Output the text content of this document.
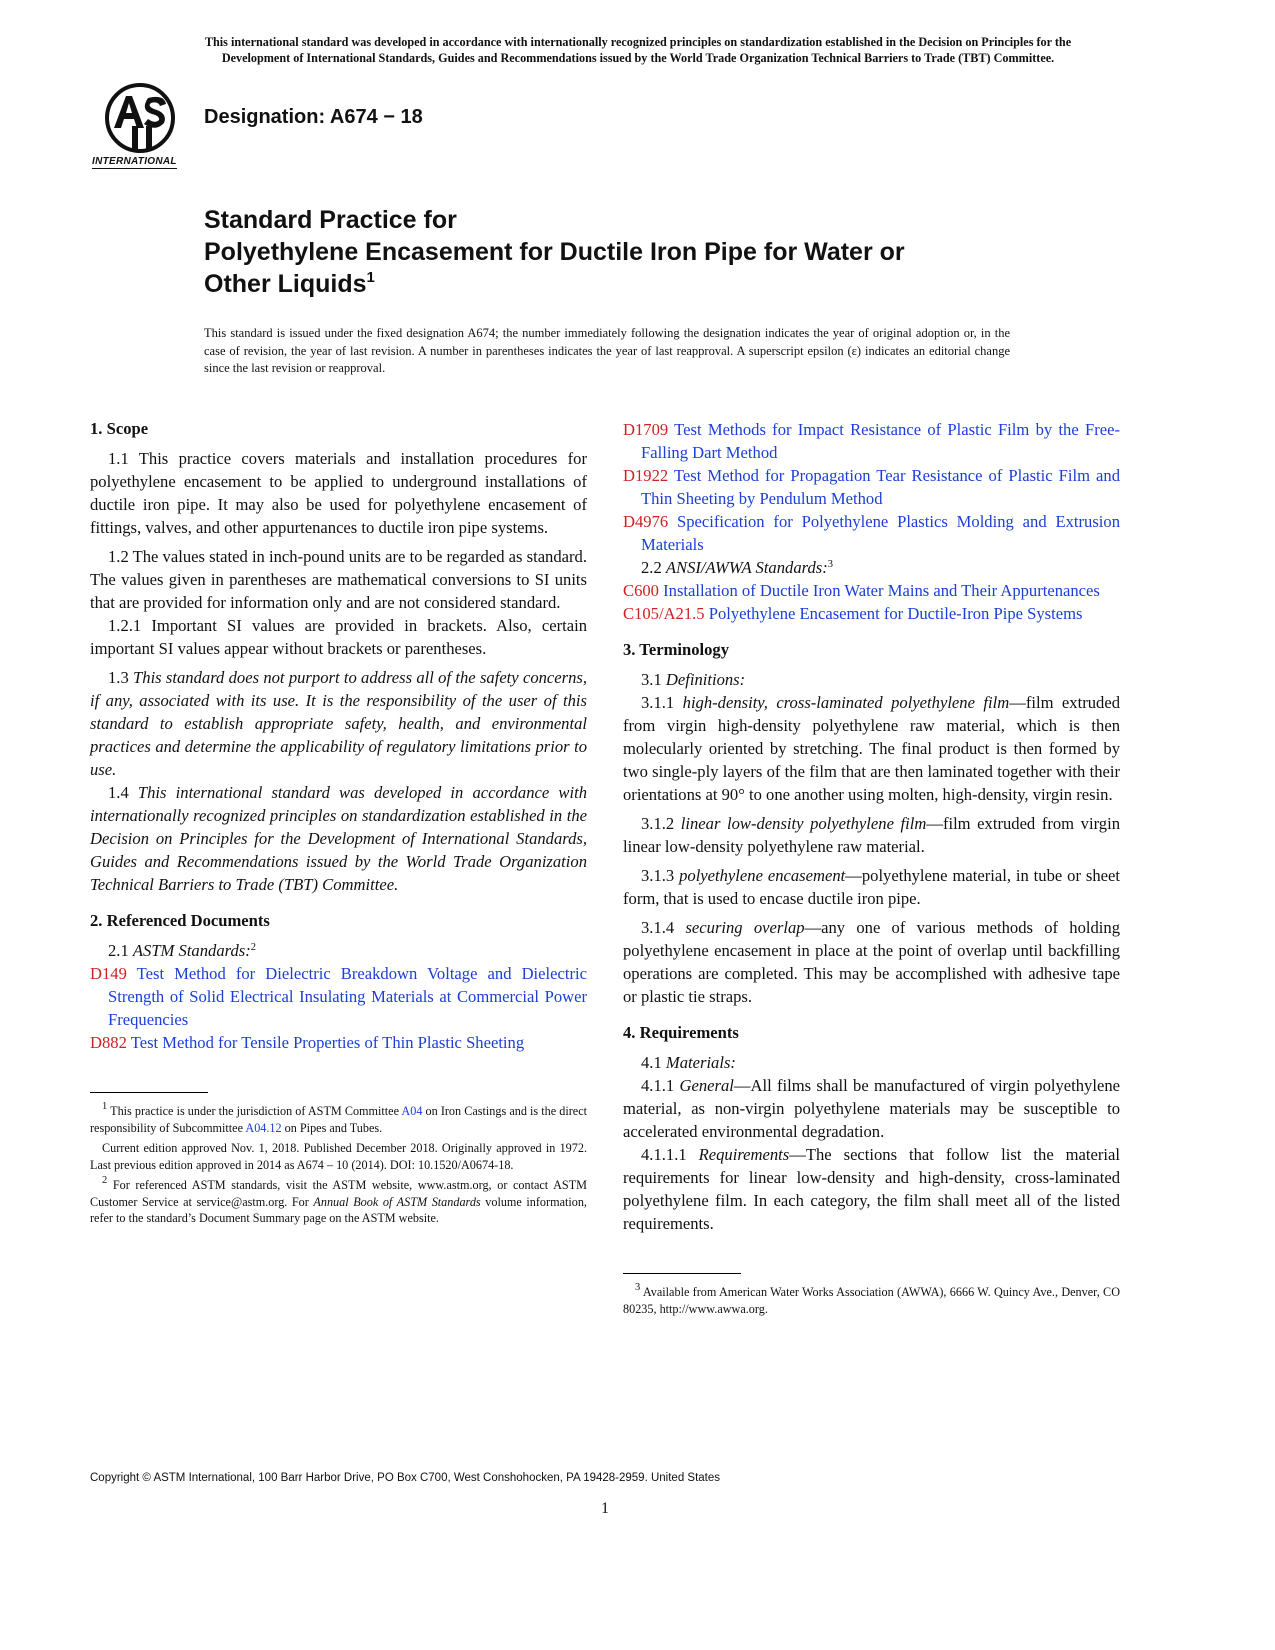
This international standard was developed in accordance with internationally recognized principles on standardization established in the Decision on Principles for the
Development of International Standards, Guides and Recommendations issued by the World Trade Organization Technical Barriers to Trade (TBT) Committee.
INTERNATIONAL
Designation: A674 − 18
Standard Practice for
Polyethylene Encasement for Ductile Iron Pipe for Water or
Other Liquids$^1$
This standard is issued under the fixed designation A674; the number immediately following the designation indicates the year of original adoption or, in the case of revision, the year of last revision. A number in parentheses indicates the year of last reapproval. A superscript epsilon (ε) indicates an editorial change since the last revision or reapproval.
1. Scope

1.1 This practice covers materials and installation procedures for polyethylene encasement to be applied to underground installations of ductile iron pipe. It may also be used for polyethylene encasement of fittings, valves, and other appurtenances to ductile iron pipe systems.

1.2 The values stated in inch-pound units are to be regarded as standard. The values given in parentheses are mathematical conversions to SI units that are provided for information only and are not considered standard.

1.2.1 Important SI values are provided in brackets. Also, certain important SI values appear without brackets or parentheses.

1.3 This standard does not purport to address all of the safety concerns, if any, associated with its use. It is the responsibility of the user of this standard to establish appropriate safety, health, and environmental practices and determine the applicability of regulatory limitations prior to use.

1.4 This international standard was developed in accordance with internationally recognized principles on standardization established in the Decision on Principles for the Development of International Standards, Guides and Recommendations issued by the World Trade Organization Technical Barriers to Trade (TBT) Committee.

2. Referenced Documents

2.1 ASTM Standards:$^2$

D149 Test Method for Dielectric Breakdown Voltage and Dielectric Strength of Solid Electrical Insulating Materials at Commercial Power Frequencies
D882 Test Method for Tensile Properties of Thin Plastic Sheeting

$^1$ This practice is under the jurisdiction of ASTM Committee A04 on Iron Castings and is the direct responsibility of Subcommittee A04.12 on Pipes and Tubes.

Current edition approved Nov. 1, 2018. Published December 2018. Originally approved in 1972. Last previous edition approved in 2014 as A674 – 10 (2014). DOI: 10.1520/A0674-18.

$^2$ For referenced ASTM standards, visit the ASTM website, www.astm.org, or contact ASTM Customer Service at service@astm.org. For Annual Book of ASTM Standards volume information, refer to the standard’s Document Summary page on the ASTM website.

D1709 Test Methods for Impact Resistance of Plastic Film by the Free-Falling Dart Method
D1922 Test Method for Propagation Tear Resistance of Plastic Film and Thin Sheeting by Pendulum Method
D4976 Specification for Polyethylene Plastics Molding and Extrusion Materials

2.2 ANSI/AWWA Standards:$^3$

C600 Installation of Ductile Iron Water Mains and Their Appurtenances
C105/A21.5 Polyethylene Encasement for Ductile-Iron Pipe Systems
3. Terminology

3.1 Definitions:

3.1.1 high-density, cross-laminated polyethylene film—film extruded from virgin high-density polyethylene raw material, which is then molecularly oriented by stretching. The final product is then formed by two single-ply layers of the film that are then laminated together with their orientations at 90° to one another using molten, high-density, virgin resin.

3.1.2 linear low-density polyethylene film—film extruded from virgin linear low-density polyethylene raw material.

3.1.3 polyethylene encasement—polyethylene material, in tube or sheet form, that is used to encase ductile iron pipe.

3.1.4 securing overlap—any one of various methods of holding polyethylene encasement in place at the point of overlap until backfilling operations are completed. This may be accomplished with adhesive tape or plastic tie straps.

4. Requirements

4.1 Materials:

4.1.1 General—All films shall be manufactured of virgin polyethylene material, as non-virgin polyethylene materials may be susceptible to accelerated environmental degradation.

4.1.1.1 Requirements—The sections that follow list the material requirements for linear low-density and high-density, cross-laminated polyethylene film. In each category, the film shall meet all of the listed requirements.

$^3$ Available from American Water Works Association (AWWA), 6666 W. Quincy Ave., Denver, CO 80235, http://www.awwa.org.

Copyright © ASTM International, 100 Barr Harbor Drive, PO Box C700, West Conshohocken, PA 19428-2959. United States
1
